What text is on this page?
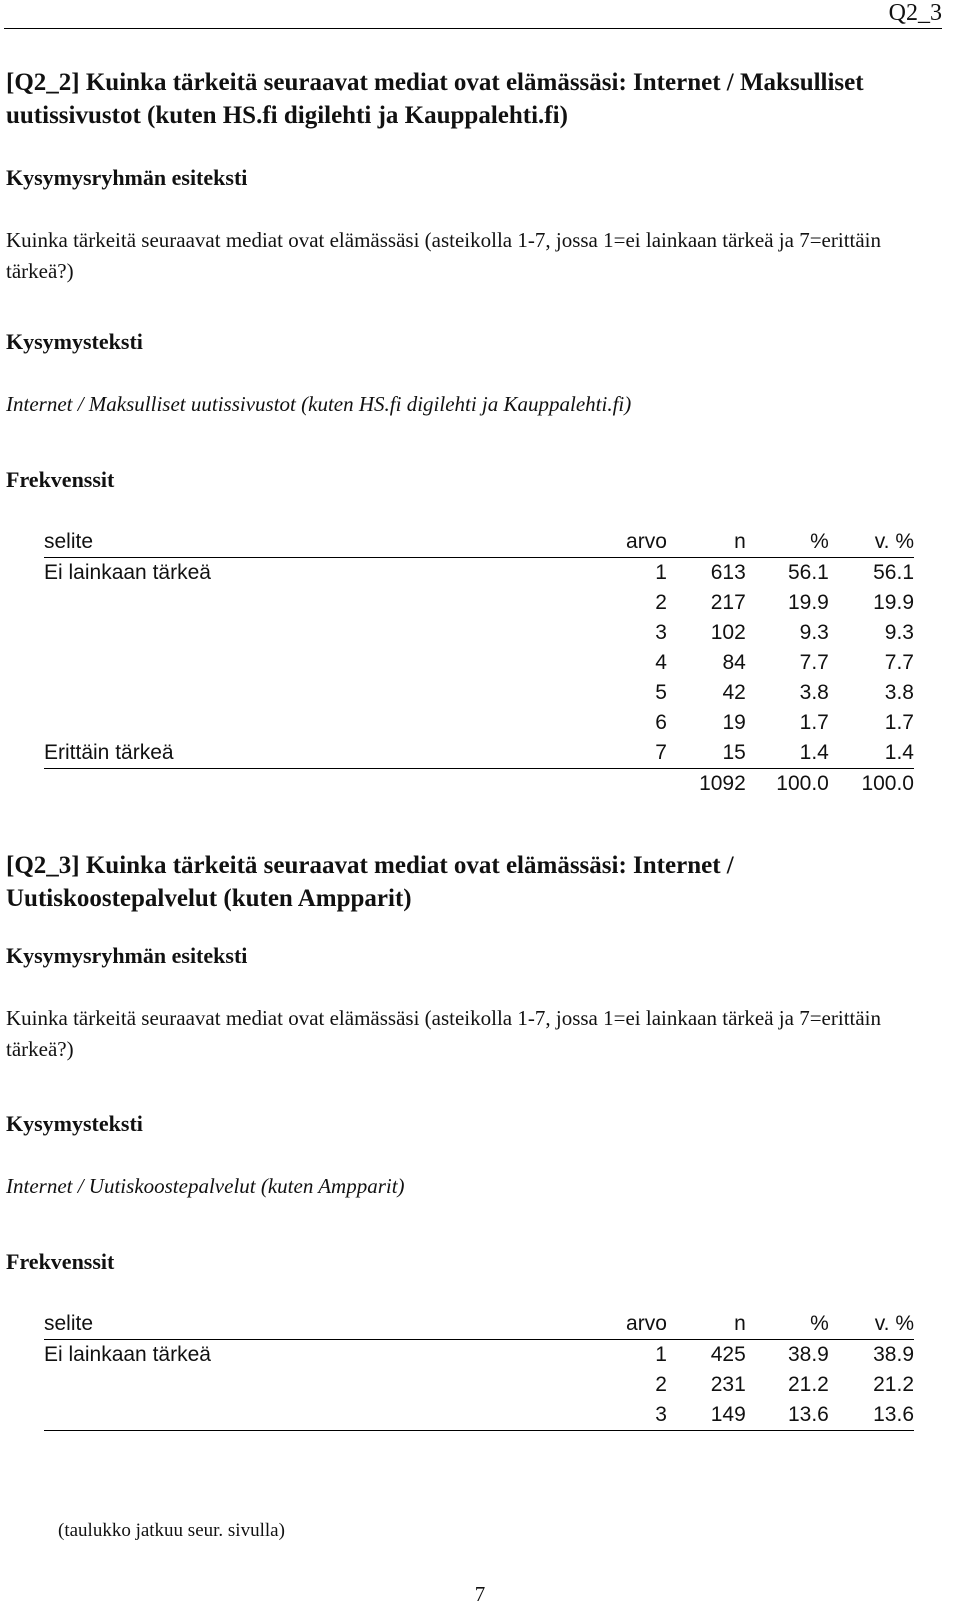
Q2_3
[Q2_2] Kuinka tärkeitä seuraavat mediat ovat elämässäsi: Internet / Maksulliset uutissivustot (kuten HS.fi digilehti ja Kauppalehti.fi)
Kysymysryhmän esiteksti

Kuinka tärkeitä seuraavat mediat ovat elämässäsi (asteikolla 1-7, jossa 1=ei lainkaan tärkeä ja 7=erittäin tärkeä?)

Kysymysteksti

Internet / Maksulliset uutissivustot (kuten HS.fi digilehti ja Kauppalehti.fi)

Frekvenssit
selite	arvo	n	%	v. %
Ei lainkaan tärkeä	1	613	56.1	56.1
	2	217	19.9	19.9
	3	102	9.3	9.3
	4	84	7.7	7.7
	5	42	3.8	3.8
	6	19	1.7	1.7
Erittäin tärkeä	7	15	1.4	1.4
		1092	100.0	100.0
[Q2_3] Kuinka tärkeitä seuraavat mediat ovat elämässäsi: Internet / Uutiskoostepalvelut (kuten Ampparit)
Kysymysryhmän esiteksti

Kuinka tärkeitä seuraavat mediat ovat elämässäsi (asteikolla 1-7, jossa 1=ei lainkaan tärkeä ja 7=erittäin tärkeä?)

Kysymysteksti

Internet / Uutiskoostepalvelut (kuten Ampparit)

Frekvenssit
selite	arvo	n	%	v. %
Ei lainkaan tärkeä	1	425	38.9	38.9
	2	231	21.2	21.2
	3	149	13.6	13.6
(taulukko jatkuu seur. sivulla)
7
